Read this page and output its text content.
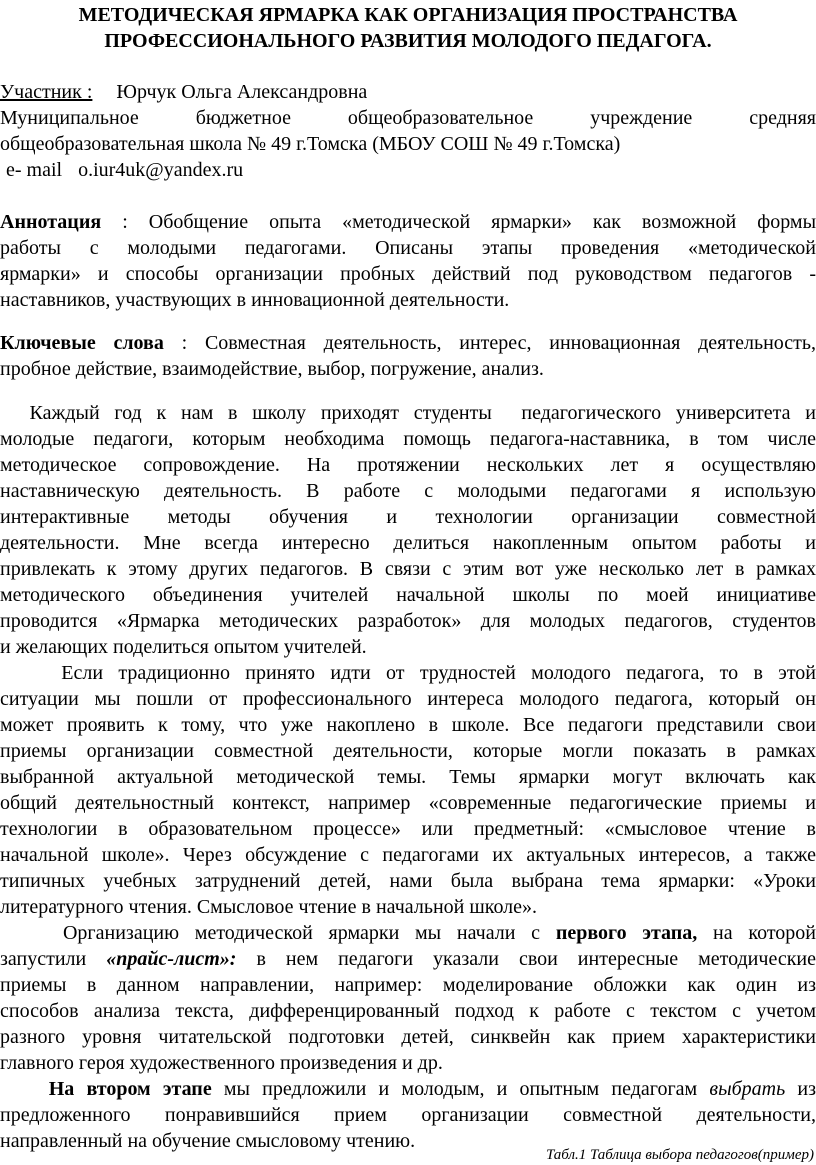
МЕТОДИЧЕСКАЯ ЯРМАРКА КАК ОРГАНИЗАЦИЯ ПРОСТРАНСТВА
ПРОФЕССИОНАЛЬНОГО РАЗВИТИЯ МОЛОДОГО ПЕДАГОГА.
Участник : Юрчук Ольга Александровна
Муниципальное бюджетное общеобразовательное учреждение средняя
общеобразовательная школа № 49 г.Томска (МБОУ СОШ № 49 г.Томска)
e- mail o.iur4uk@yandex.ru
Аннотация : Обобщение опыта «методической ярмарки» как возможной формы
работы с молодыми педагогами. Описаны этапы проведения «методической
ярмарки» и способы организации пробных действий под руководством педагогов -
наставников, участвующих в инновационной деятельности.
Ключевые слова : Совместная деятельность, интерес, инновационная деятельность,
пробное действие, взаимодействие, выбор, погружение, анализ.
Каждый год к нам в школу приходят студенты  педагогического университета и
молодые педагоги, которым необходима помощь педагога-наставника, в том числе
методическое сопровождение. На протяжении нескольких лет я осуществляю
наставническую деятельность. В работе с молодыми педагогами я использую
интерактивные методы обучения и технологии организации совместной
деятельности. Мне всегда интересно делиться накопленным опытом работы и
привлекать к этому других педагогов. В связи с этим вот уже несколько лет в рамках
методического объединения учителей начальной школы по моей инициативе
проводится «Ярмарка методических разработок» для молодых педагогов, студентов
и желающих поделиться опытом учителей.
Если традиционно принято идти от трудностей молодого педагога, то в этой
ситуации мы пошли от профессионального интереса молодого педагога, который он
может проявить к тому, что уже накоплено в школе. Все педагоги представили свои
приемы организации совместной деятельности, которые могли показать в рамках
выбранной актуальной методической темы. Темы ярмарки могут включать как
общий деятельностный контекст, например «современные педагогические приемы и
технологии в образовательном процессе» или предметный: «смысловое чтение в
начальной школе». Через обсуждение с педагогами их актуальных интересов, а также
типичных учебных затруднений детей, нами была выбрана тема ярмарки: «Уроки
литературного чтения. Смысловое чтение в начальной школе».
Организацию методической ярмарки мы начали с первого этапа, на которой
запустили «прайс-лист»: в нем педагоги указали свои интересные методические
приемы в данном направлении, например: моделирование обложки как один из
способов анализа текста, дифференцированный подход к работе с текстом с учетом
разного уровня читательской подготовки детей, синквейн как прием характеристики
главного героя художественного произведения и др.
На втором этапе мы предложили и молодым, и опытным педагогам выбрать из
предложенного понравившийся прием организации совместной деятельности,
направленный на обучение смысловому чтению.
Табл.1 Таблица выбора педагогов(пример)
